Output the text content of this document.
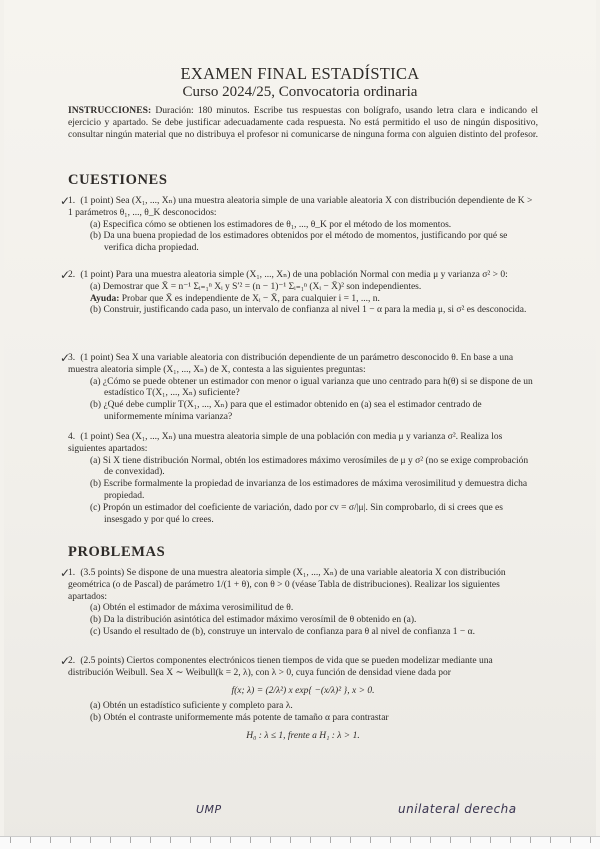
EXAMEN FINAL ESTADÍSTICA
Curso 2024/25, Convocatoria ordinaria
INSTRUCCIONES: Duración: 180 minutos. Escribe tus respuestas con bolígrafo, usando letra clara e indicando el ejercicio y apartado. Se debe justificar adecuadamente cada respuesta. No está permitido el uso de ningún dispositivo, consultar ningún material que no distribuya el profesor ni comunicarse de ninguna forma con alguien distinto del profesor.
CUESTIONES
1. (1 point) Sea (X₁, ..., Xₙ) una muestra aleatoria simple de una variable aleatoria X con distribución dependiente de K > 1 parámetros θ₁, ..., θ_K desconocidos:
(a) Especifica cómo se obtienen los estimadores de θ₁, ..., θ_K por el método de los momentos.
(b) Da una buena propiedad de los estimadores obtenidos por el método de momentos, justificando por qué se verifica dicha propiedad.
2. (1 point) Para una muestra aleatoria simple (X₁, ..., Xₙ) de una población Normal con media μ y varianza σ² > 0:
(a) Demostrar que X̄ = n⁻¹ Σᵢ₌₁ⁿ Xᵢ y S′² = (n − 1)⁻¹ Σᵢ₌₁ⁿ (Xᵢ − X̄)² son independientes.
Ayuda: Probar que X̄ es independiente de Xᵢ − X̄, para cualquier i = 1, ..., n.
(b) Construir, justificando cada paso, un intervalo de confianza al nivel 1 − α para la media μ, si σ² es desconocida.
3. (1 point) Sea X una variable aleatoria con distribución dependiente de un parámetro desconocido θ. En base a una muestra aleatoria simple (X₁, ..., Xₙ) de X, contesta a las siguientes preguntas:
(a) ¿Cómo se puede obtener un estimador con menor o igual varianza que uno centrado para h(θ) si se dispone de un estadístico T(X₁, ..., Xₙ) suficiente?
(b) ¿Qué debe cumplir T(X₁, ..., Xₙ) para que el estimador obtenido en (a) sea el estimador centrado de uniformemente mínima varianza?
4. (1 point) Sea (X₁, ..., Xₙ) una muestra aleatoria simple de una población con media μ y varianza σ². Realiza los siguientes apartados:
(a) Si X tiene distribución Normal, obtén los estimadores máximo verosímiles de μ y σ² (no se exige comprobación de convexidad).
(b) Escribe formalmente la propiedad de invarianza de los estimadores de máxima verosimilitud y demuestra dicha propiedad.
(c) Propón un estimador del coeficiente de variación, dado por cv = σ/|μ|. Sin comprobarlo, di si crees que es insesgado y por qué lo crees.
PROBLEMAS
1. (3.5 points) Se dispone de una muestra aleatoria simple (X₁, ..., Xₙ) de una variable aleatoria X con distribución geométrica (o de Pascal) de parámetro 1/(1 + θ), con θ > 0 (véase Tabla de distribuciones). Realizar los siguientes apartados:
(a) Obtén el estimador de máxima verosimilitud de θ.
(b) Da la distribución asintótica del estimador máximo verosímil de θ obtenido en (a).
(c) Usando el resultado de (b), construye un intervalo de confianza para θ al nivel de confianza 1 − α.
2. (2.5 points) Ciertos componentes electrónicos tienen tiempos de vida que se pueden modelizar mediante una distribución Weibull. Sea X ∼ Weibull(k = 2, λ), con λ > 0, cuya función de densidad viene dada por
f(x; λ) = (2/λ²) x exp{ −(x/λ)² }, x > 0.
(a) Obtén un estadístico suficiente y completo para λ.
(b) Obtén el contraste uniformemente más potente de tamaño α para contrastar
H₀ : λ ≤ 1, frente a H₁ : λ > 1.
UMP	unilateral derecha
✓
✓
✓
✓
✓
